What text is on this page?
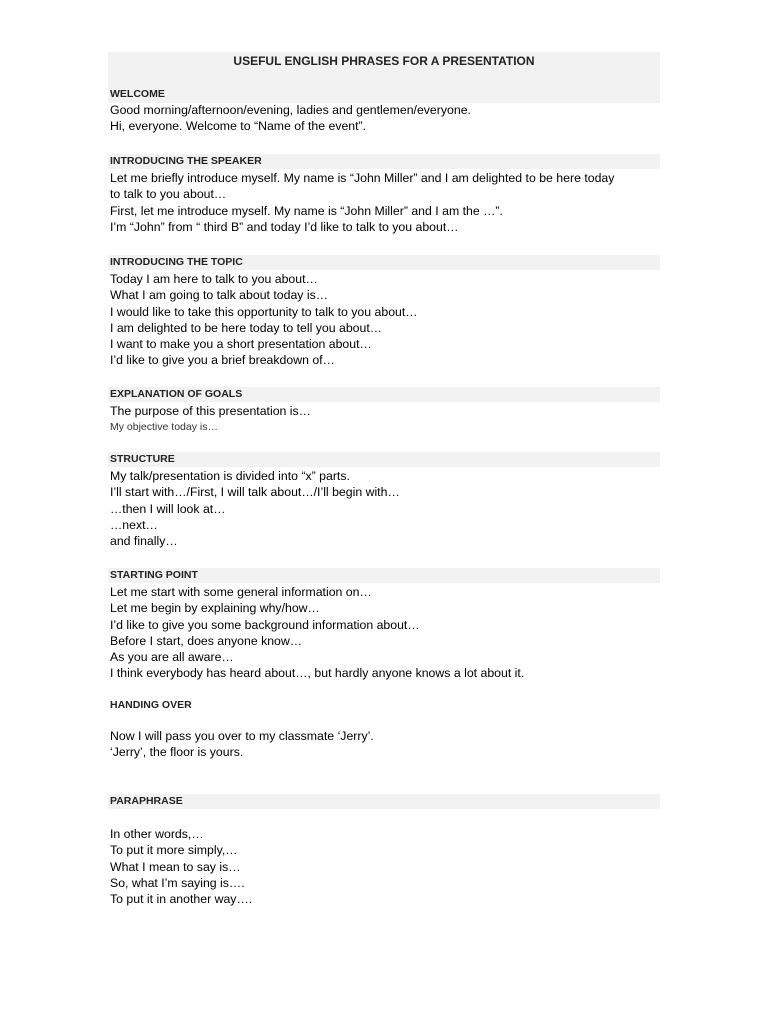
USEFUL ENGLISH PHRASES FOR A PRESENTATION
WELCOME
Good morning/afternoon/evening, ladies and gentlemen/everyone.
Hi, everyone. Welcome to “Name of the event”.
INTRODUCING THE SPEAKER
Let me briefly introduce myself. My name is “John Miller” and I am delighted to be here today
to talk to you about…
First, let me introduce myself. My name is “John Miller” and I am the …”.
I’m “John” from “ third B” and today I’d like to talk to you about…
INTRODUCING THE TOPIC
Today I am here to talk to you about…
What I am going to talk about today is…
I would like to take this opportunity to talk to you about…
I am delighted to be here today to tell you about…
I want to make you a short presentation about…
I’d like to give you a brief breakdown of…
EXPLANATION OF GOALS
The purpose of this presentation is…
My objective today is…
STRUCTURE
My talk/presentation is divided into “x” parts.
I’ll start with…/First, I will talk about…/I’ll begin with…
…then I will look at…
…next…
and finally…
STARTING POINT
Let me start with some general information on…
Let me begin by explaining why/how…
I’d like to give you some background information about…
Before I start, does anyone know…
As you are all aware…
I think everybody has heard about…, but hardly anyone knows a lot about it.
HANDING OVER
Now I will pass you over to my classmate ‘Jerry’.
‘Jerry’, the floor is yours.
PARAPHRASE
In other words,…
To put it more simply,…
What I mean to say is…
So, what I’m saying is….
To put it in another way….
